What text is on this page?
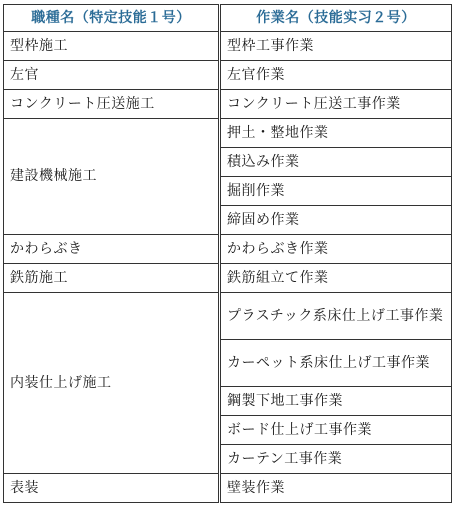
職種名（特定技能１号）	作業名（技能实习２号）
型枠施工	型枠工事作業
左官	左官作業
コンクリート圧送施工	コンクリート圧送工事作業
建設機械施工	押土・整地作業
	積込み作業
	掘削作業
	締固め作業
かわらぶき	かわらぶき作業
鉄筋施工	鉄筋組立て作業
内装仕上げ施工	プラスチック系床仕上げ工事作業
	カーペット系床仕上げ工事作業
	鋼製下地工事作業
	ボード仕上げ工事作業
	カーテン工事作業
表装	壁装作業
